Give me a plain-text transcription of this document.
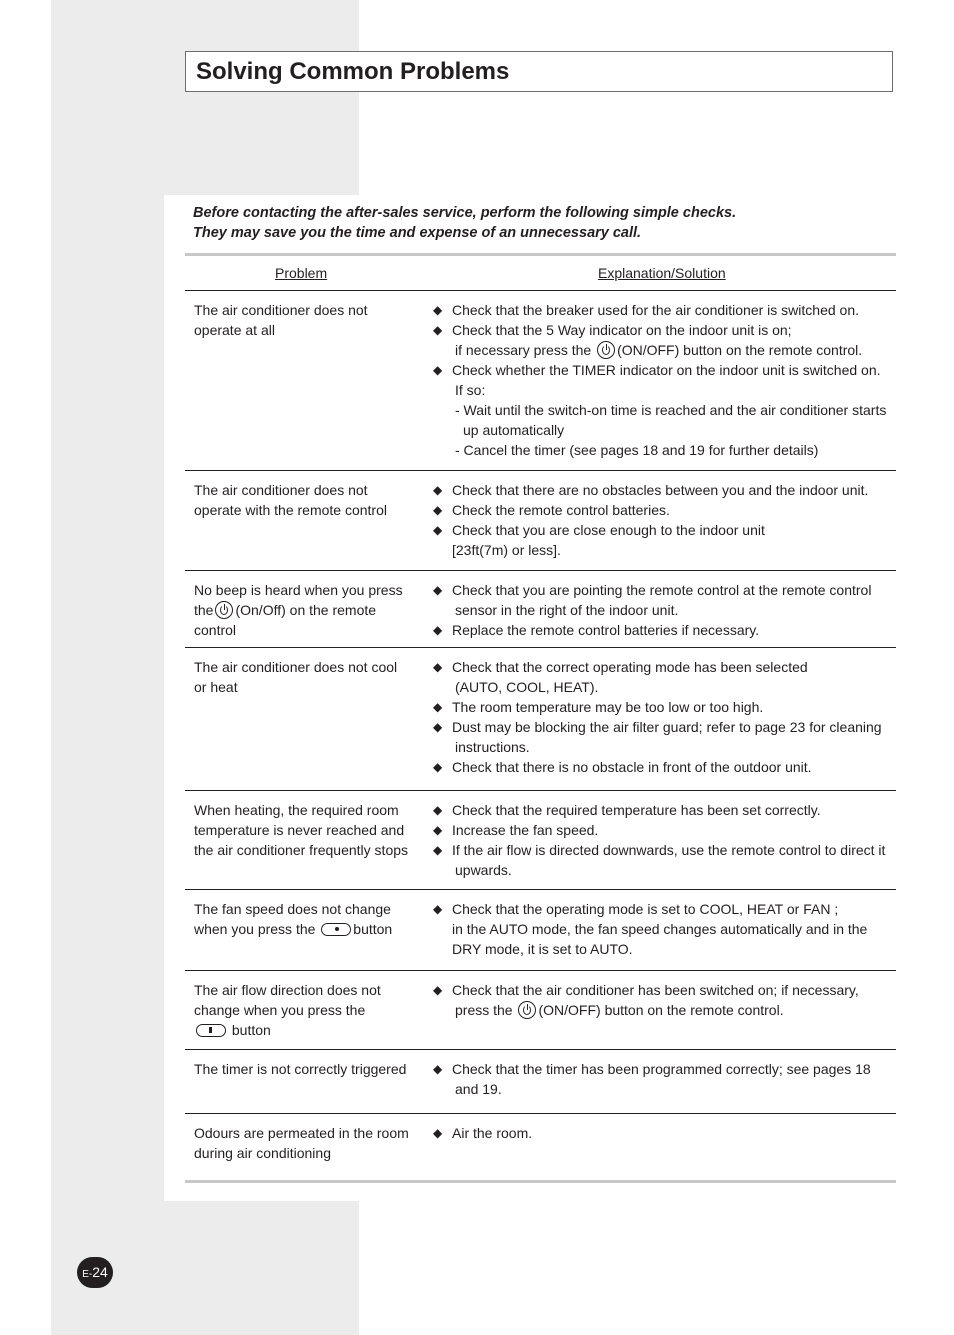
Solving Common Problems
Before contacting the after-sales service, perform the following simple checks.
They may save you the time and expense of an unnecessary call.
Problem	Explanation/Solution
The air conditioner does not
operate at all
◆ Check that the breaker used for the air conditioner is switched on.
◆ Check that the 5 Way indicator on the indoor unit is on;
if necessary press the (ON/OFF) button on the remote control.
◆ Check whether the TIMER indicator on the indoor unit is switched on.
If so:
- Wait until the switch-on time is reached and the air conditioner starts
up automatically
- Cancel the timer (see pages 18 and 19 for further details)
The air conditioner does not
operate with the remote control
◆ Check that there are no obstacles between you and the indoor unit.
◆ Check the remote control batteries.
◆ Check that you are close enough to the indoor unit
[23ft(7m) or less].
No beep is heard when you press
the (On/Off) on the remote
control
◆ Check that you are pointing the remote control at the remote control
sensor in the right of the indoor unit.
◆ Replace the remote control batteries if necessary.
The air conditioner does not cool
or heat
◆ Check that the correct operating mode has been selected
(AUTO, COOL, HEAT).
◆ The room temperature may be too low or too high.
◆ Dust may be blocking the air filter guard; refer to page 23 for cleaning
instructions.
◆ Check that there is no obstacle in front of the outdoor unit.
When heating, the required room
temperature is never reached and
the air conditioner frequently stops
◆ Check that the required temperature has been set correctly.
◆ Increase the fan speed.
◆ If the air flow is directed downwards, use the remote control to direct it
upwards.
The fan speed does not change
when you press the	button
◆ Check that the operating mode is set to COOL, HEAT or FAN ;
in the AUTO mode, the fan speed changes automatically and in the
DRY mode, it is set to AUTO.
The air flow direction does not
change when you press the
button
◆ Check that the air conditioner has been switched on; if necessary,
press the (ON/OFF) button on the remote control.
The timer is not correctly triggered
◆	Check that the timer has been programmed correctly; see pages 18
and 19.
Odours are permeated in the room
during air conditioning
◆ Air the room.
E-24
